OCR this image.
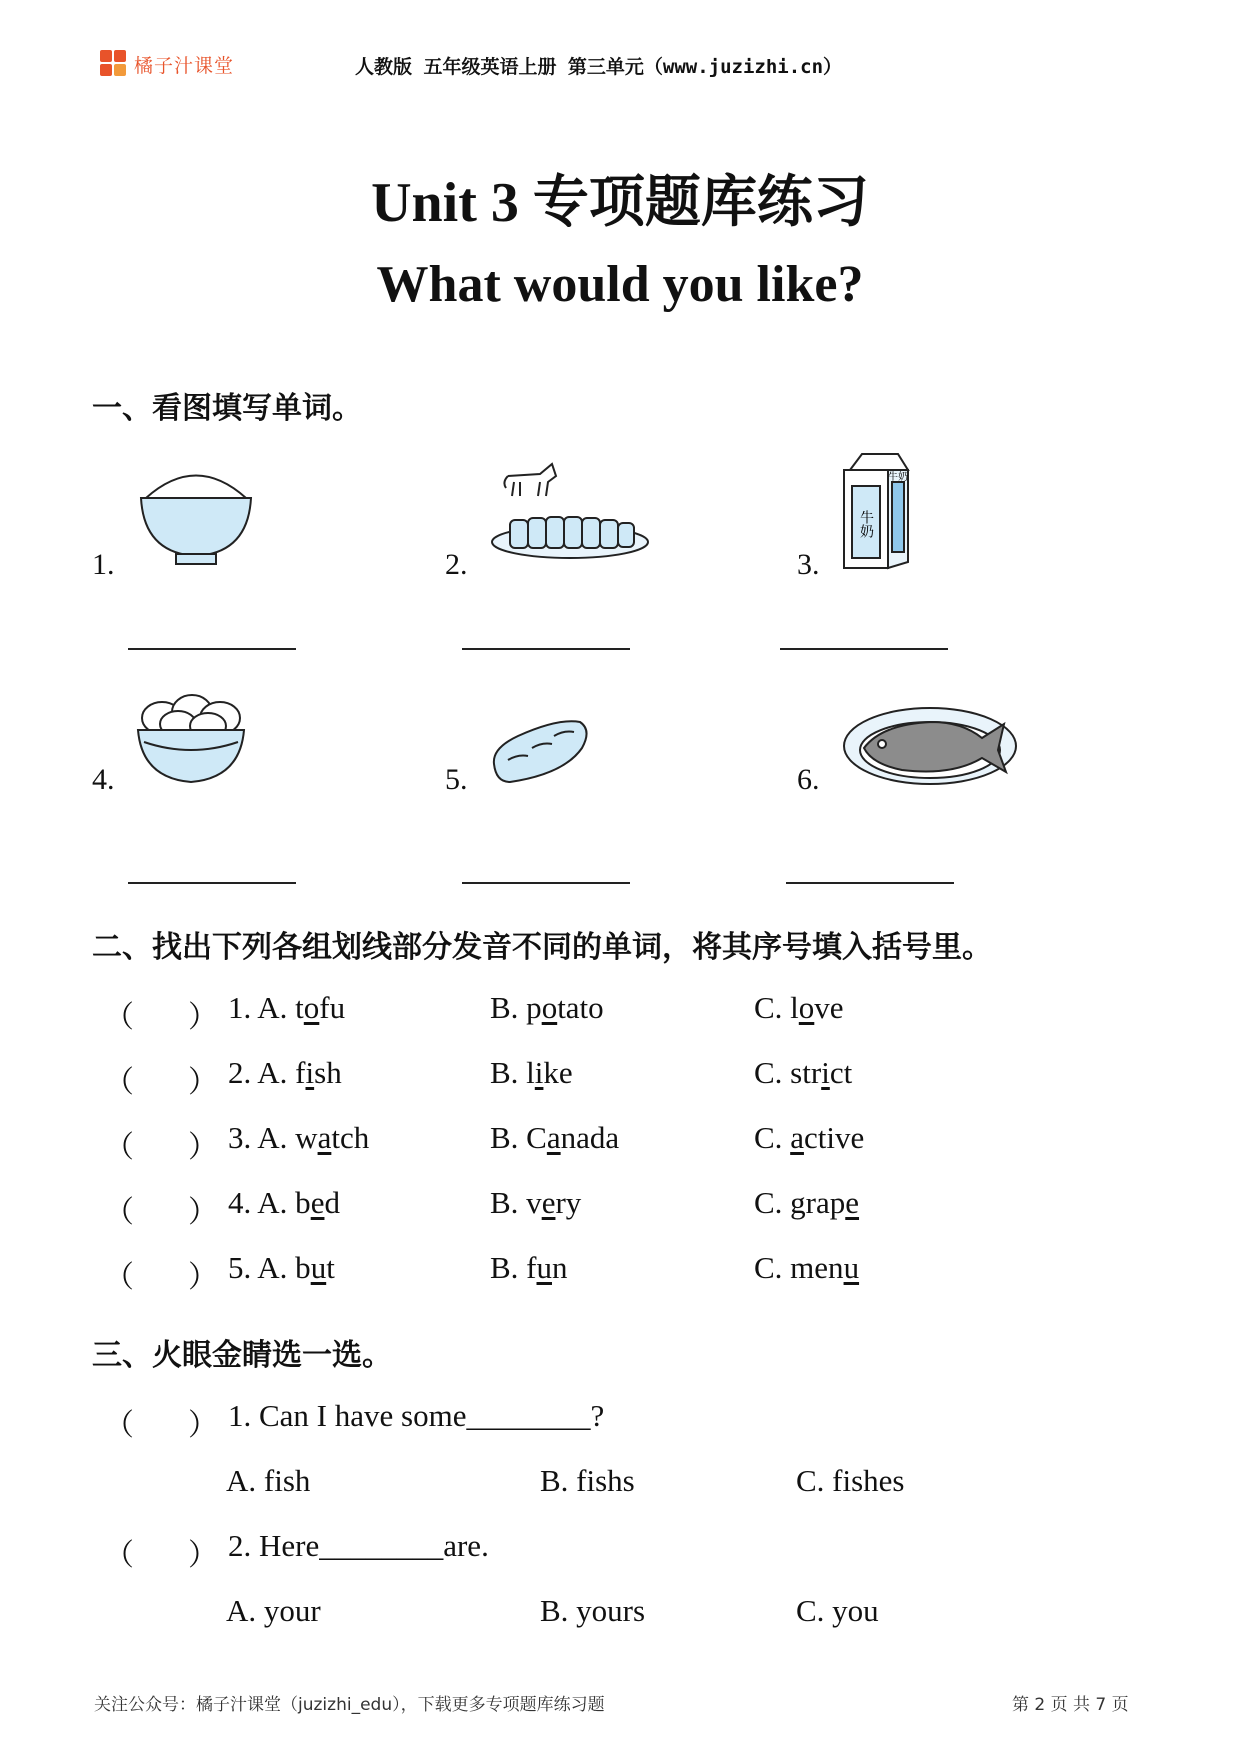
橘子汁课堂	人教版 五年级英语上册 第三单元（www.juzizhi.cn）
Unit 3 专项题库练习
What would you like?
一、看图填写单词。
1.	2.	3.
牛奶
牛奶
4.	5.	6.
二、找出下列各组划线部分发音不同的单词，将其序号填入括号里。
（ ） 1. A. tofu	B. potato	C. love
（ ） 2. A. fish	B. like	C. strict
（ ） 3. A. watch	B. Canada	C. active
（ ） 4. A. bed	B. very	C. grape
（ ） 5. A. but	B. fun	C. menu
三、火眼金睛选一选。
（ ） 1. Can I have some________?
A. fish	B. fishs	C. fishes
（ ） 2. Here________are.
A. your	B. yours	C. you
关注公众号：橘子汁课堂（juzizhi_edu），下载更多专项题库练习题	第 2 页 共 7 页
